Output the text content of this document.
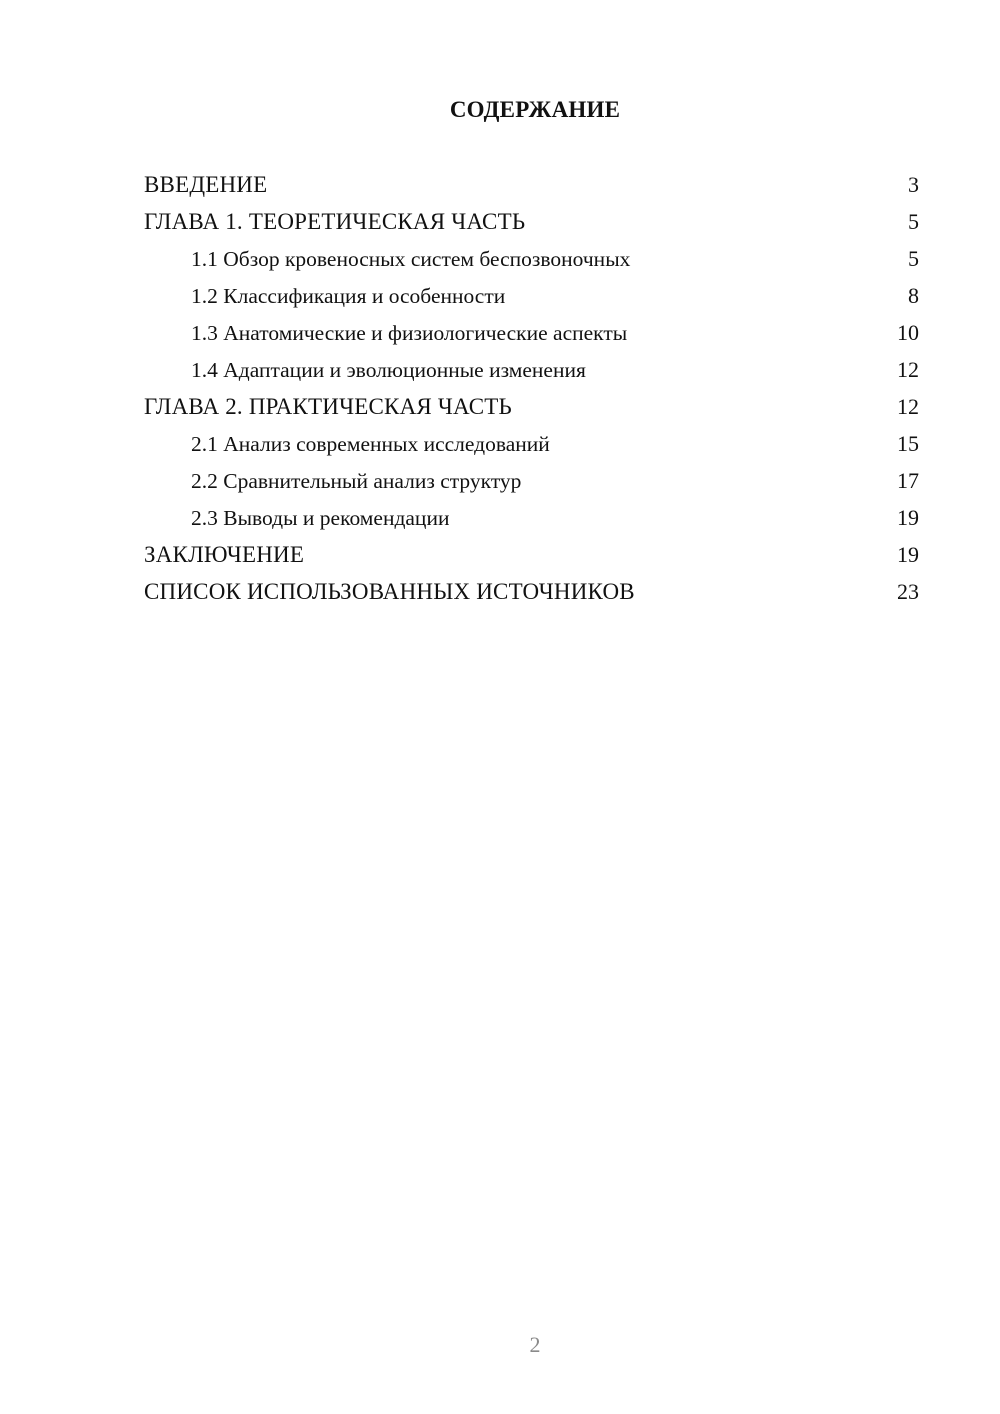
СОДЕРЖАНИЕ
ВВЕДЕНИЕ	3
ГЛАВА 1. ТЕОРЕТИЧЕСКАЯ ЧАСТЬ	5
1.1 Обзор кровеносных систем беспозвоночных	5
1.2 Классификация и особенности	8
1.3 Анатомические и физиологические аспекты	10
1.4 Адаптации и эволюционные изменения	12
ГЛАВА 2. ПРАКТИЧЕСКАЯ ЧАСТЬ	12
2.1 Анализ современных исследований	15
2.2 Сравнительный анализ структур	17
2.3 Выводы и рекомендации	19
ЗАКЛЮЧЕНИЕ	19
СПИСОК ИСПОЛЬЗОВАННЫХ ИСТОЧНИКОВ	23
2
